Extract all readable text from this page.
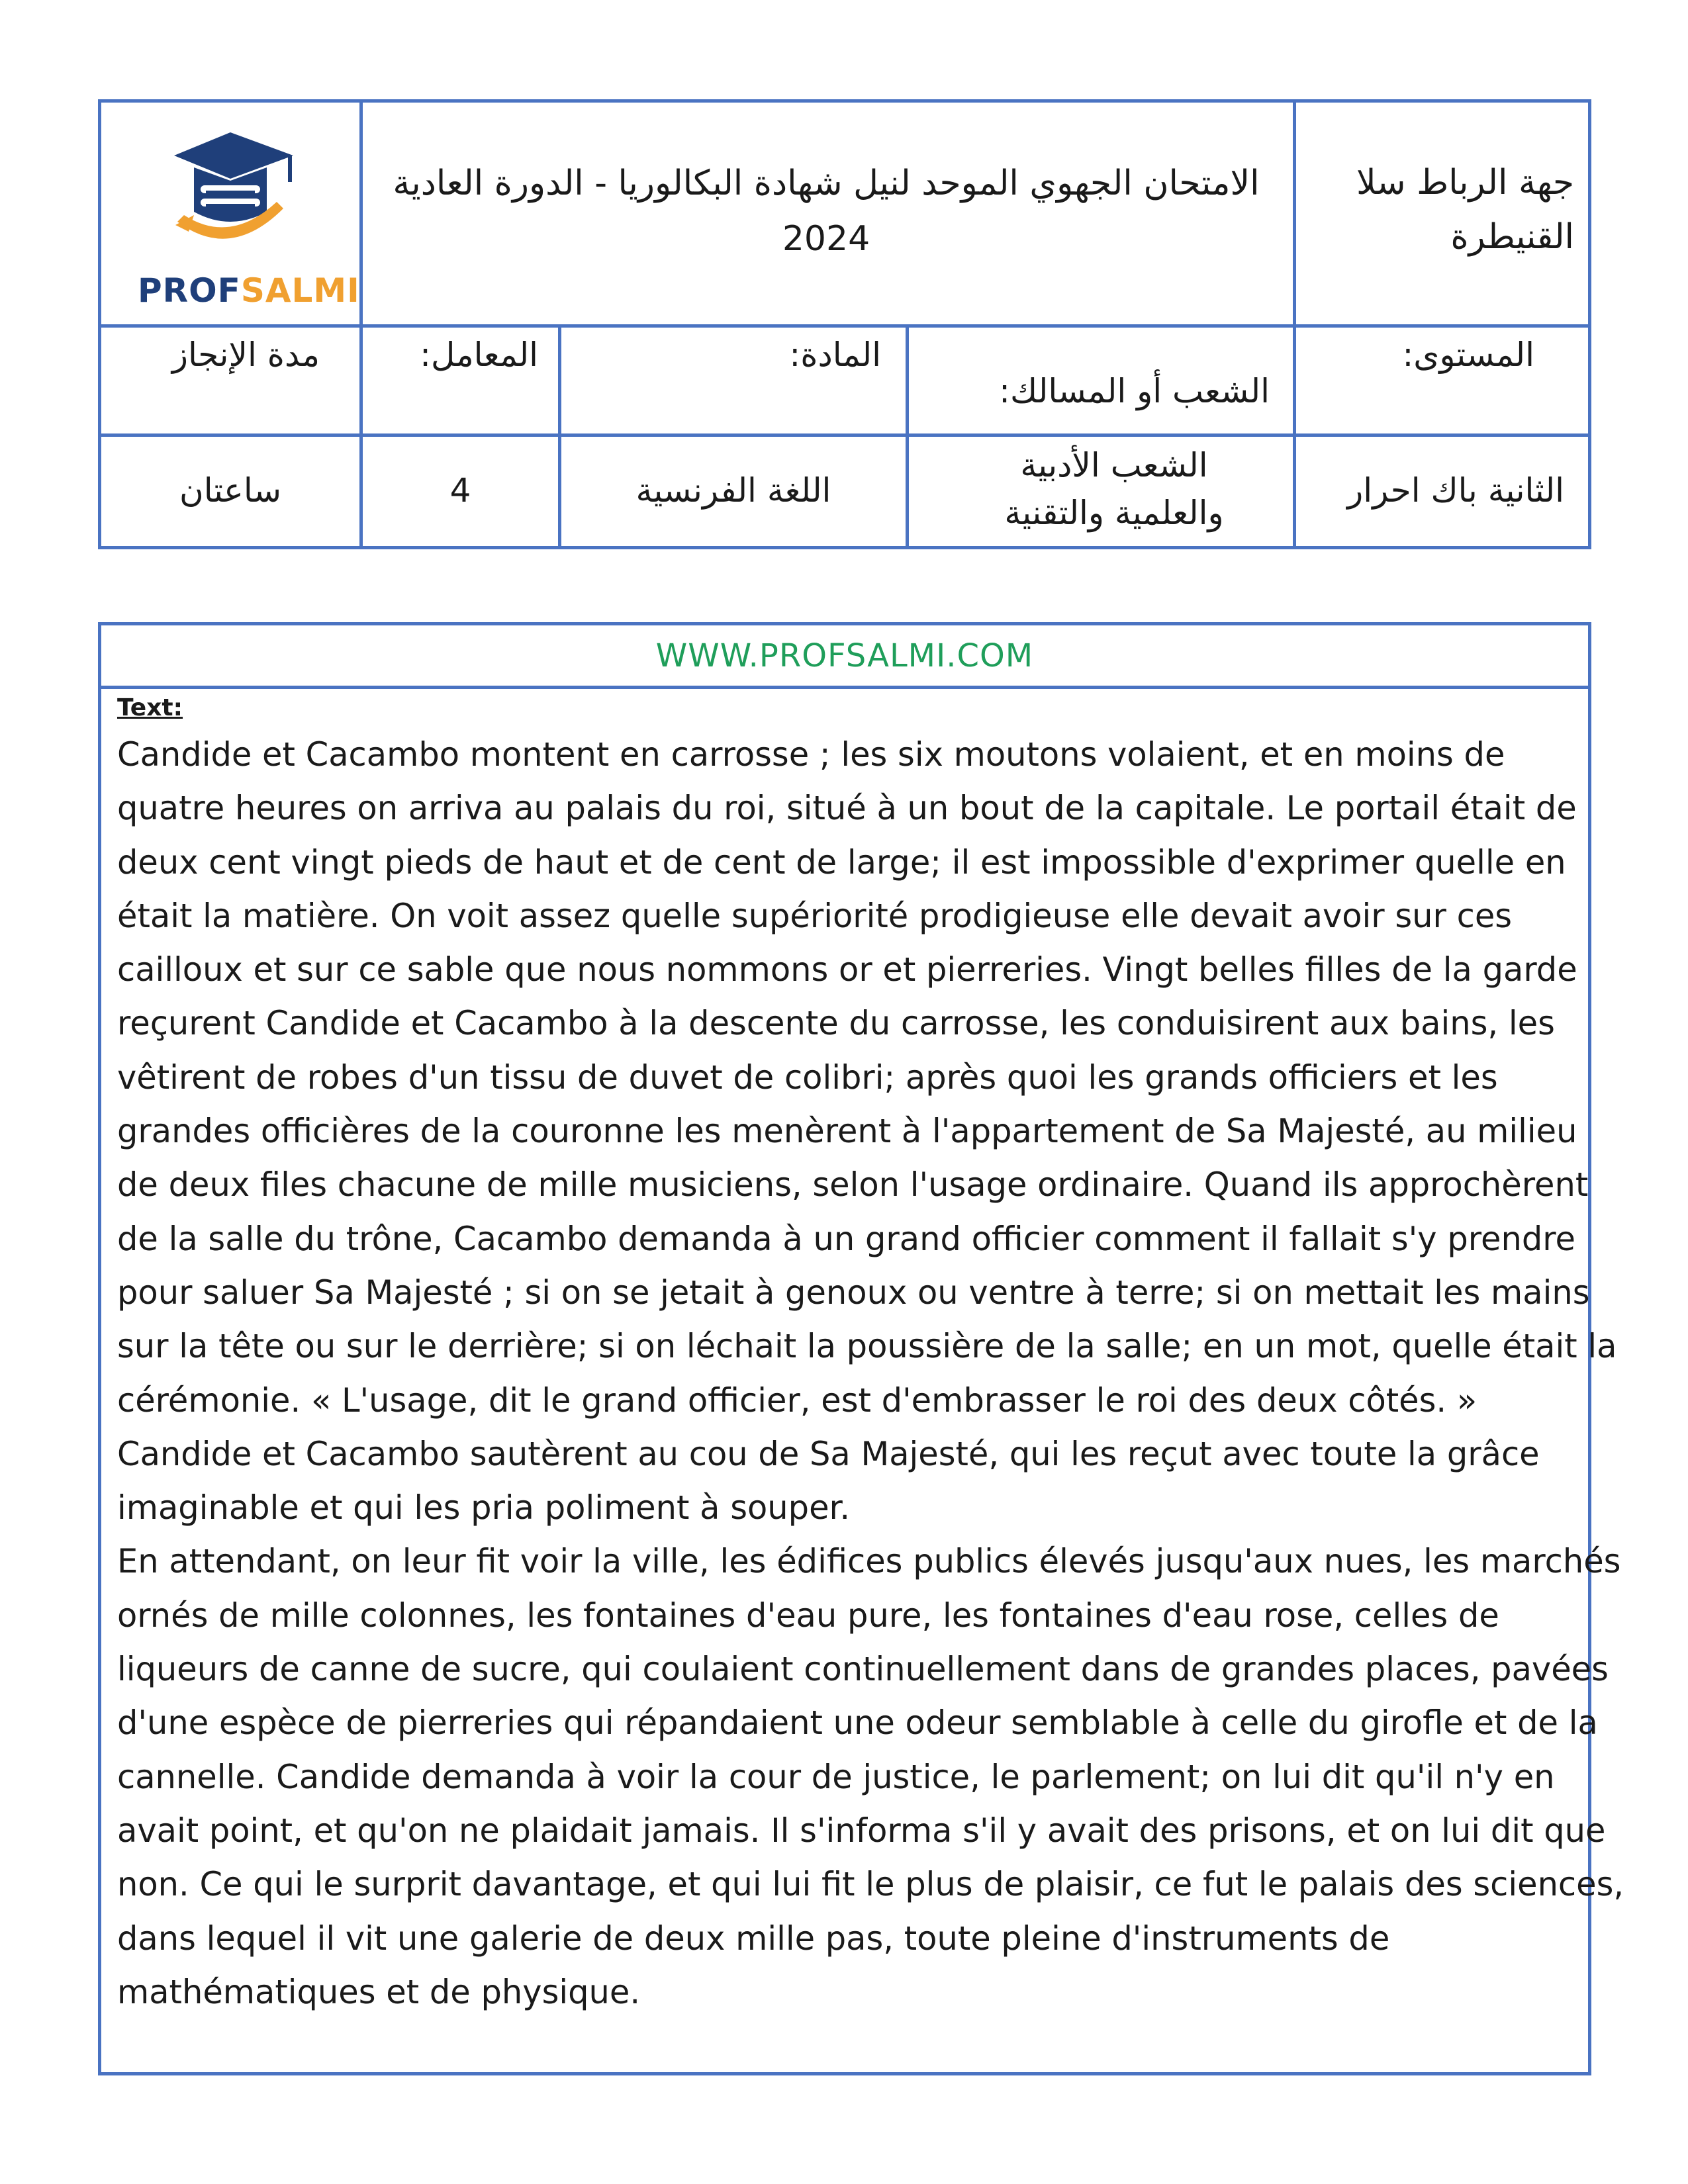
PROFSALMI
الامتحان الجهوي الموحد لنيل شهادة البكالوريا - الدورة العادية 2024
جهة الرباط سلا القنيطرة
المستوى:
الشعب أو المسالك:
المادة:
المعامل:
مدة الإنجاز
الثانية باك احرار
الشعب الأدبية والعلمية والتقنية
اللغة الفرنسية
4
ساعتان
WWW.PROFSALMI.COM
Text:
Candide et Cacambo montent en carrosse ; les six moutons volaient, et en moins de
quatre heures on arriva au palais du roi, situé à un bout de la capitale. Le portail était de
deux cent vingt pieds de haut et de cent de large; il est impossible d'exprimer quelle en
était la matière. On voit assez quelle supériorité prodigieuse elle devait avoir sur ces
cailloux et sur ce sable que nous nommons or et pierreries. Vingt belles filles de la garde
reçurent Candide et Cacambo à la descente du carrosse, les conduisirent aux bains, les
vêtirent de robes d'un tissu de duvet de colibri; après quoi les grands officiers et les
grandes officières de la couronne les menèrent à l'appartement de Sa Majesté, au milieu
de deux files chacune de mille musiciens, selon l'usage ordinaire. Quand ils approchèrent
de la salle du trône, Cacambo demanda à un grand officier comment il fallait s'y prendre
pour saluer Sa Majesté ; si on se jetait à genoux ou ventre à terre; si on mettait les mains
sur la tête ou sur le derrière; si on léchait la poussière de la salle; en un mot, quelle était la
cérémonie. « L'usage, dit le grand officier, est d'embrasser le roi des deux côtés. »
Candide et Cacambo sautèrent au cou de Sa Majesté, qui les reçut avec toute la grâce
imaginable et qui les pria poliment à souper.
En attendant, on leur fit voir la ville, les édifices publics élevés jusqu'aux nues, les marchés
ornés de mille colonnes, les fontaines d'eau pure, les fontaines d'eau rose, celles de
liqueurs de canne de sucre, qui coulaient continuellement dans de grandes places, pavées
d'une espèce de pierreries qui répandaient une odeur semblable à celle du girofle et de la
cannelle. Candide demanda à voir la cour de justice, le parlement; on lui dit qu'il n'y en
avait point, et qu'on ne plaidait jamais. Il s'informa s'il y avait des prisons, et on lui dit que
non. Ce qui le surprit davantage, et qui lui fit le plus de plaisir, ce fut le palais des sciences,
dans lequel il vit une galerie de deux mille pas, toute pleine d'instruments de
mathématiques et de physique.
